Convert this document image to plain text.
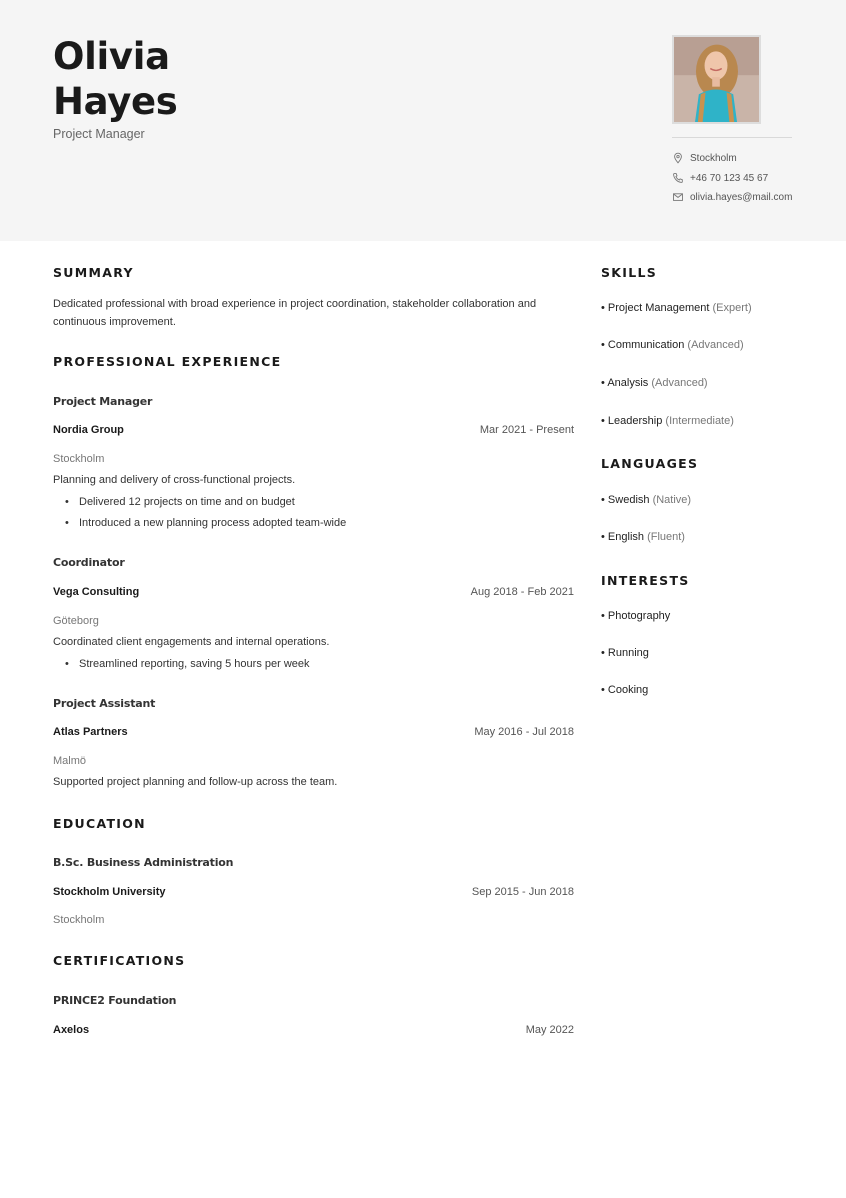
Olivia
Hayes
Project Manager
Stockholm
+46 70 123 45 67
olivia.hayes@mail.com
SUMMARY
Dedicated professional with broad experience in project coordination, stakeholder collaboration and continuous improvement.
PROFESSIONAL EXPERIENCE
Project Manager
Nordia Group	Mar 2021 - Present
Stockholm
Planning and delivery of cross-functional projects.
• Delivered 12 projects on time and on budget
• Introduced a new planning process adopted team-wide
Coordinator
Vega Consulting	Aug 2018 - Feb 2021
Göteborg
Coordinated client engagements and internal operations.
• Streamlined reporting, saving 5 hours per week
Project Assistant
Atlas Partners	May 2016 - Jul 2018
Malmö
Supported project planning and follow-up across the team.
EDUCATION
B.Sc. Business Administration
Stockholm University	Sep 2015 - Jun 2018
Stockholm
CERTIFICATIONS
PRINCE2 Foundation
Axelos	May 2022
SKILLS
• Project Management (Expert)
• Communication (Advanced)
• Analysis (Advanced)
• Leadership (Intermediate)
LANGUAGES
• Swedish (Native)
• English (Fluent)
INTERESTS
• Photography
• Running
• Cooking
